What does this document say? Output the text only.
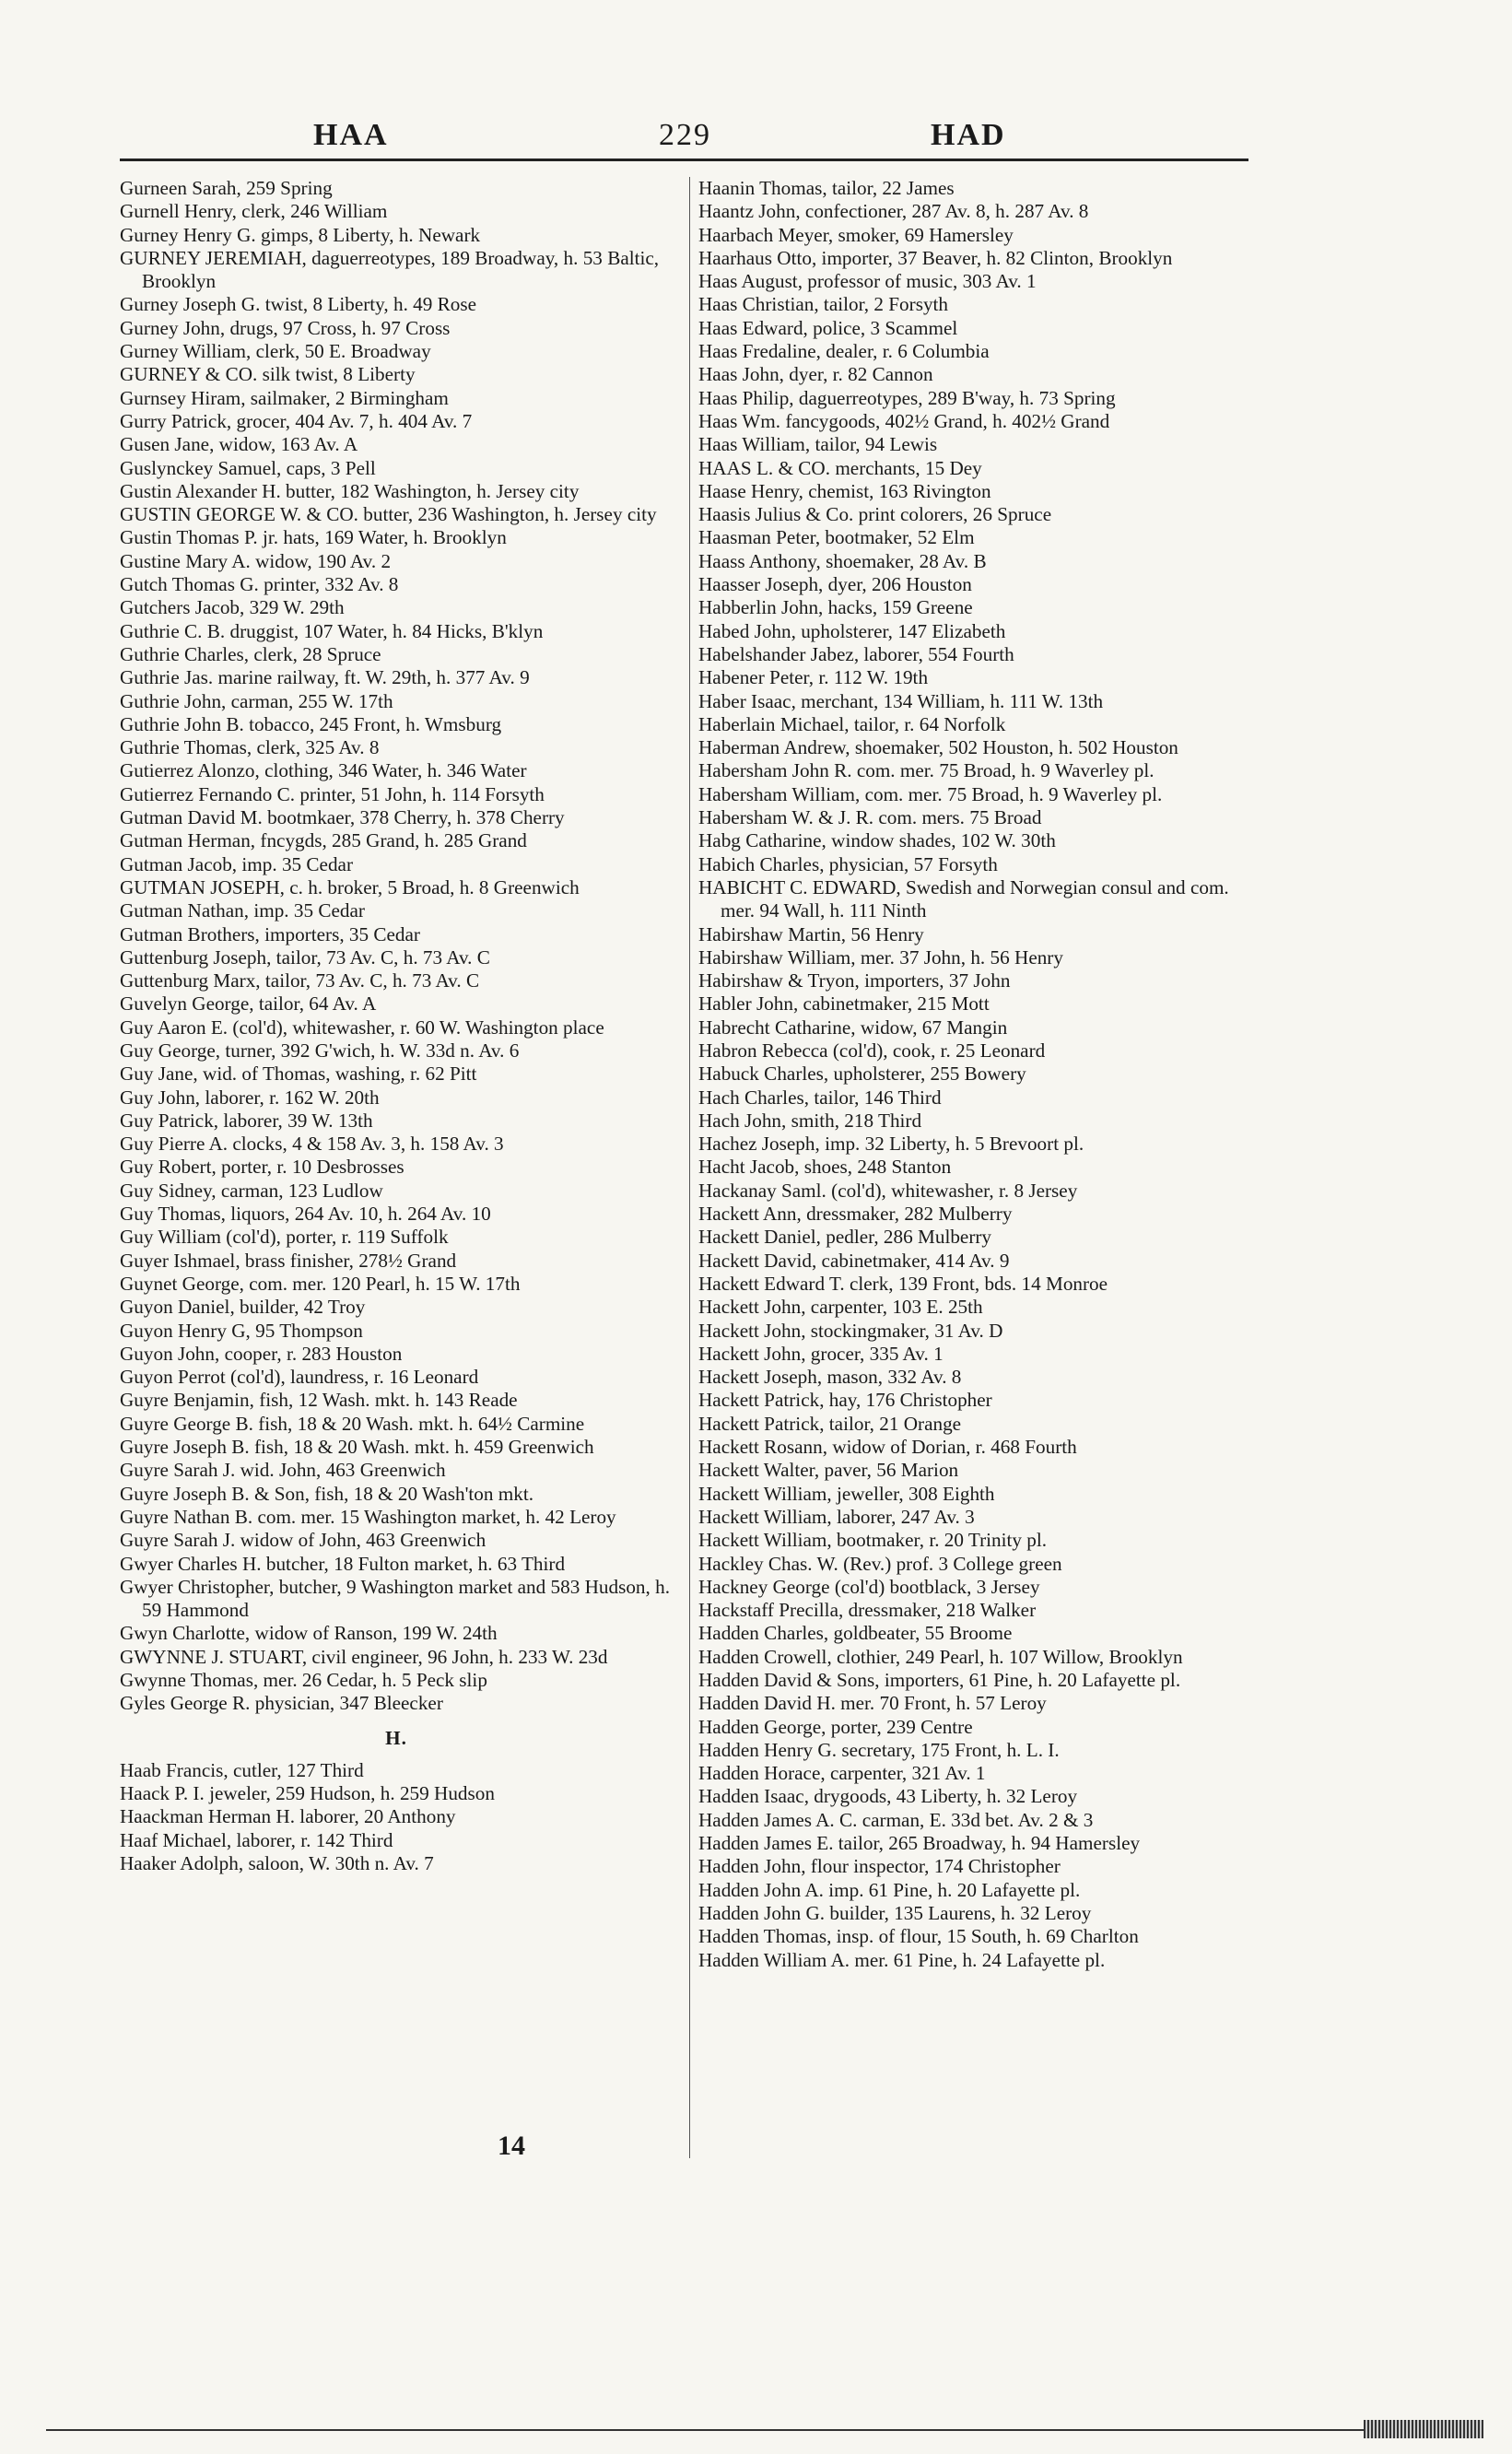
HAA	229	HAD
Gurneen Sarah, 259 Spring
Gurnell Henry, clerk, 246 William
Gurney Henry G. gimps, 8 Liberty, h. Newark
GURNEY JEREMIAH, daguerreotypes, 189 Broadway, h. 53 Baltic, Brooklyn
Gurney Joseph G. twist, 8 Liberty, h. 49 Rose
Gurney John, drugs, 97 Cross, h. 97 Cross
Gurney William, clerk, 50 E. Broadway
GURNEY & CO. silk twist, 8 Liberty
Gurnsey Hiram, sailmaker, 2 Birmingham
Gurry Patrick, grocer, 404 Av. 7, h. 404 Av. 7
Gusen Jane, widow, 163 Av. A
Guslynckey Samuel, caps, 3 Pell
Gustin Alexander H. butter, 182 Washington, h. Jersey city
GUSTIN GEORGE W. & CO. butter, 236 Washington, h. Jersey city
Gustin Thomas P. jr. hats, 169 Water, h. Brooklyn
Gustine Mary A. widow, 190 Av. 2
Gutch Thomas G. printer, 332 Av. 8
Gutchers Jacob, 329 W. 29th
Guthrie C. B. druggist, 107 Water, h. 84 Hicks, B'klyn
Guthrie Charles, clerk, 28 Spruce
Guthrie Jas. marine railway, ft. W. 29th, h. 377 Av. 9
Guthrie John, carman, 255 W. 17th
Guthrie John B. tobacco, 245 Front, h. Wmsburg
Guthrie Thomas, clerk, 325 Av. 8
Gutierrez Alonzo, clothing, 346 Water, h. 346 Water
Gutierrez Fernando C. printer, 51 John, h. 114 Forsyth
Gutman David M. bootmkaer, 378 Cherry, h. 378 Cherry
Gutman Herman, fncygds, 285 Grand, h. 285 Grand
Gutman Jacob, imp. 35 Cedar
GUTMAN JOSEPH, c. h. broker, 5 Broad, h. 8 Greenwich
Gutman Nathan, imp. 35 Cedar
Gutman Brothers, importers, 35 Cedar
Guttenburg Joseph, tailor, 73 Av. C, h. 73 Av. C
Guttenburg Marx, tailor, 73 Av. C, h. 73 Av. C
Guvelyn George, tailor, 64 Av. A
Guy Aaron E. (col'd), whitewasher, r. 60 W. Washington place
Guy George, turner, 392 G'wich, h. W. 33d n. Av. 6
Guy Jane, wid. of Thomas, washing, r. 62 Pitt
Guy John, laborer, r. 162 W. 20th
Guy Patrick, laborer, 39 W. 13th
Guy Pierre A. clocks, 4 & 158 Av. 3, h. 158 Av. 3
Guy Robert, porter, r. 10 Desbrosses
Guy Sidney, carman, 123 Ludlow
Guy Thomas, liquors, 264 Av. 10, h. 264 Av. 10
Guy William (col'd), porter, r. 119 Suffolk
Guyer Ishmael, brass finisher, 278½ Grand
Guynet George, com. mer. 120 Pearl, h. 15 W. 17th
Guyon Daniel, builder, 42 Troy
Guyon Henry G, 95 Thompson
Guyon John, cooper, r. 283 Houston
Guyon Perrot (col'd), laundress, r. 16 Leonard
Guyre Benjamin, fish, 12 Wash. mkt. h. 143 Reade
Guyre George B. fish, 18 & 20 Wash. mkt. h. 64½ Carmine
Guyre Joseph B. fish, 18 & 20 Wash. mkt. h. 459 Greenwich
Guyre Sarah J. wid. John, 463 Greenwich
Guyre Joseph B. & Son, fish, 18 & 20 Wash'ton mkt.
Guyre Nathan B. com. mer. 15 Washington market, h. 42 Leroy
Guyre Sarah J. widow of John, 463 Greenwich
Gwyer Charles H. butcher, 18 Fulton market, h. 63 Third
Gwyer Christopher, butcher, 9 Washington market and 583 Hudson, h. 59 Hammond
Gwyn Charlotte, widow of Ranson, 199 W. 24th
GWYNNE J. STUART, civil engineer, 96 John, h. 233 W. 23d
Gwynne Thomas, mer. 26 Cedar, h. 5 Peck slip
Gyles George R. physician, 347 Bleecker
H.
Haab Francis, cutler, 127 Third
Haack P. I. jeweler, 259 Hudson, h. 259 Hudson
Haackman Herman H. laborer, 20 Anthony
Haaf Michael, laborer, r. 142 Third
Haaker Adolph, saloon, W. 30th n. Av. 7
Haanin Thomas, tailor, 22 James
Haantz John, confectioner, 287 Av. 8, h. 287 Av. 8
Haarbach Meyer, smoker, 69 Hamersley
Haarhaus Otto, importer, 37 Beaver, h. 82 Clinton, Brooklyn
Haas August, professor of music, 303 Av. 1
Haas Christian, tailor, 2 Forsyth
Haas Edward, police, 3 Scammel
Haas Fredaline, dealer, r. 6 Columbia
Haas John, dyer, r. 82 Cannon
Haas Philip, daguerreotypes, 289 B'way, h. 73 Spring
Haas Wm. fancygoods, 402½ Grand, h. 402½ Grand
Haas William, tailor, 94 Lewis
HAAS L. & CO. merchants, 15 Dey
Haase Henry, chemist, 163 Rivington
Haasis Julius & Co. print colorers, 26 Spruce
Haasman Peter, bootmaker, 52 Elm
Haass Anthony, shoemaker, 28 Av. B
Haasser Joseph, dyer, 206 Houston
Habberlin John, hacks, 159 Greene
Habed John, upholsterer, 147 Elizabeth
Habelshander Jabez, laborer, 554 Fourth
Habener Peter, r. 112 W. 19th
Haber Isaac, merchant, 134 William, h. 111 W. 13th
Haberlain Michael, tailor, r. 64 Norfolk
Haberman Andrew, shoemaker, 502 Houston, h. 502 Houston
Habersham John R. com. mer. 75 Broad, h. 9 Waverley pl.
Habersham William, com. mer. 75 Broad, h. 9 Waverley pl.
Habersham W. & J. R. com. mers. 75 Broad
Habg Catharine, window shades, 102 W. 30th
Habich Charles, physician, 57 Forsyth
HABICHT C. EDWARD, Swedish and Norwegian consul and com. mer. 94 Wall, h. 111 Ninth
Habirshaw Martin, 56 Henry
Habirshaw William, mer. 37 John, h. 56 Henry
Habirshaw & Tryon, importers, 37 John
Habler John, cabinetmaker, 215 Mott
Habrecht Catharine, widow, 67 Mangin
Habron Rebecca (col'd), cook, r. 25 Leonard
Habuck Charles, upholsterer, 255 Bowery
Hach Charles, tailor, 146 Third
Hach John, smith, 218 Third
Hachez Joseph, imp. 32 Liberty, h. 5 Brevoort pl.
Hacht Jacob, shoes, 248 Stanton
Hackanay Saml. (col'd), whitewasher, r. 8 Jersey
Hackett Ann, dressmaker, 282 Mulberry
Hackett Daniel, pedler, 286 Mulberry
Hackett David, cabinetmaker, 414 Av. 9
Hackett Edward T. clerk, 139 Front, bds. 14 Monroe
Hackett John, carpenter, 103 E. 25th
Hackett John, stockingmaker, 31 Av. D
Hackett John, grocer, 335 Av. 1
Hackett Joseph, mason, 332 Av. 8
Hackett Patrick, hay, 176 Christopher
Hackett Patrick, tailor, 21 Orange
Hackett Rosann, widow of Dorian, r. 468 Fourth
Hackett Walter, paver, 56 Marion
Hackett William, jeweller, 308 Eighth
Hackett William, laborer, 247 Av. 3
Hackett William, bootmaker, r. 20 Trinity pl.
Hackley Chas. W. (Rev.) prof. 3 College green
Hackney George (col'd) bootblack, 3 Jersey
Hackstaff Precilla, dressmaker, 218 Walker
Hadden Charles, goldbeater, 55 Broome
Hadden Crowell, clothier, 249 Pearl, h. 107 Willow, Brooklyn
Hadden David & Sons, importers, 61 Pine, h. 20 Lafayette pl.
Hadden David H. mer. 70 Front, h. 57 Leroy
Hadden George, porter, 239 Centre
Hadden Henry G. secretary, 175 Front, h. L. I.
Hadden Horace, carpenter, 321 Av. 1
Hadden Isaac, drygoods, 43 Liberty, h. 32 Leroy
Hadden James A. C. carman, E. 33d bet. Av. 2 & 3
Hadden James E. tailor, 265 Broadway, h. 94 Hamersley
Hadden John, flour inspector, 174 Christopher
Hadden John A. imp. 61 Pine, h. 20 Lafayette pl.
Hadden John G. builder, 135 Laurens, h. 32 Leroy
Hadden Thomas, insp. of flour, 15 South, h. 69 Charlton
Hadden William A. mer. 61 Pine, h. 24 Lafayette pl.
14
